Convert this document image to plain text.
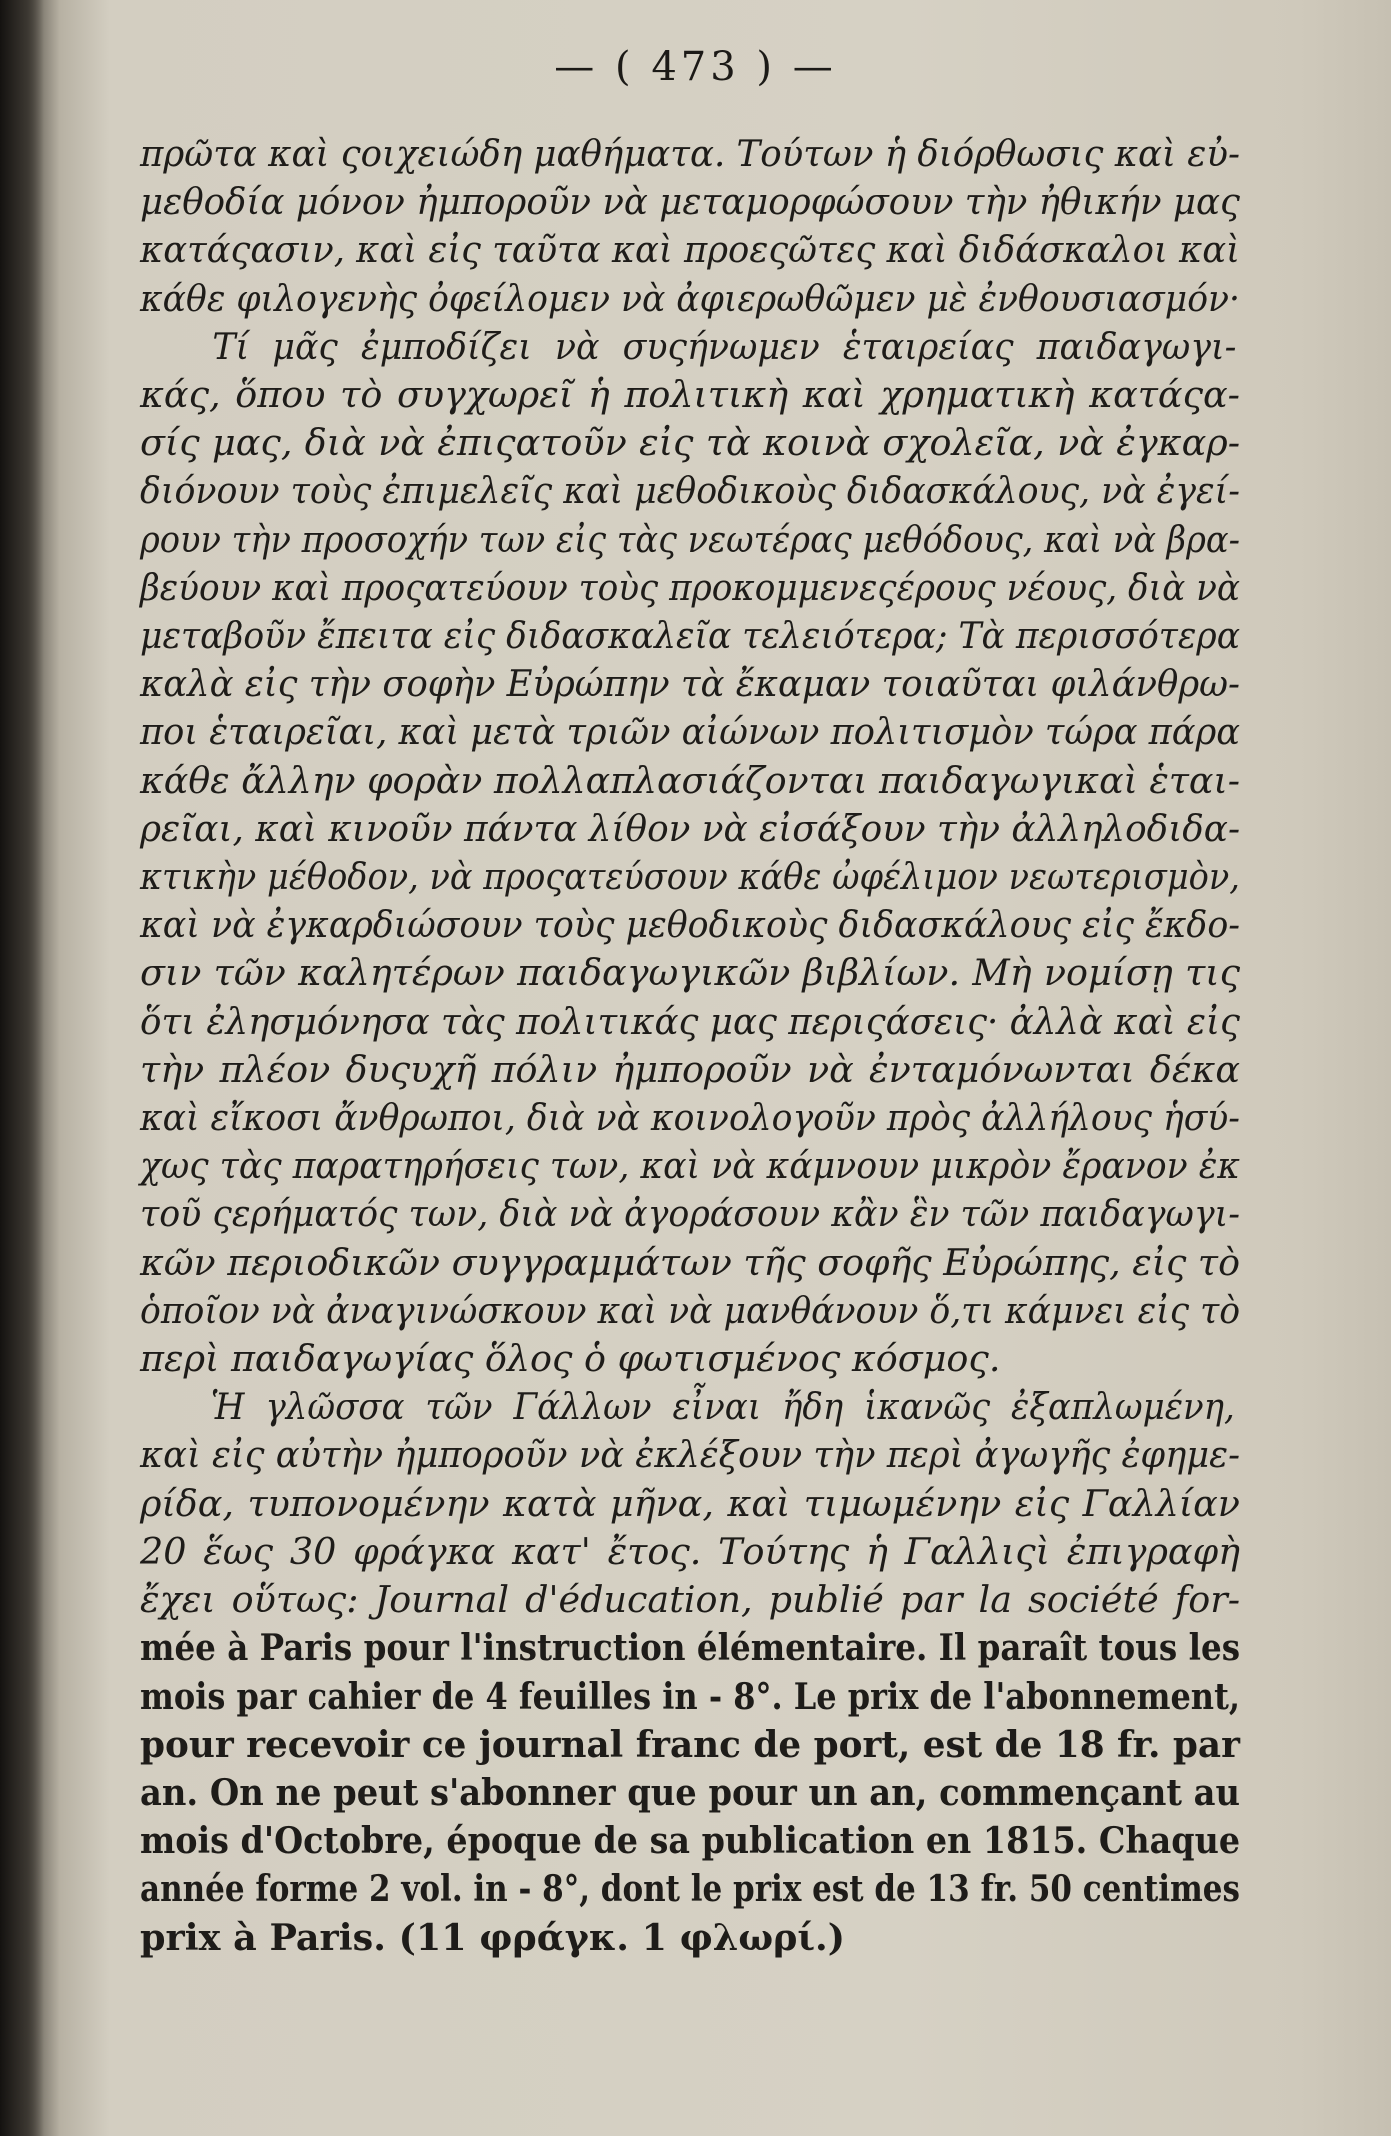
— ( 473 ) —
πρῶτα καὶ ςοιχειώδη μαθήματα. Τούτων ἡ διόρθωσις καὶ εὐ-
μεθοδία μόνον ἠμποροῦν νὰ μεταμορφώσουν τὴν ἠθικήν μας
κατάςασιν, καὶ εἰς ταῦτα καὶ προεςῶτες καὶ διδάσκαλοι καὶ
κάθε φιλογενὴς ὀφείλομεν νὰ ἀφιερωθῶμεν μὲ ἐνθουσιασμόν·
Τί μᾶς ἐμποδίζει νὰ συςήνωμεν ἑταιρείας παιδαγωγι-
κάς, ὅπου τὸ συγχωρεῖ ἡ πολιτικὴ καὶ χρηματικὴ κατάςα-
σίς μας, διὰ νὰ ἐπιςατοῦν εἰς τὰ κοινὰ σχολεῖα, νὰ ἐγκαρ-
διόνουν τοὺς ἐπιμελεῖς καὶ μεθοδικοὺς διδασκάλους, νὰ ἐγεί-
ρουν τὴν προσοχήν των εἰς τὰς νεωτέρας μεθόδους, καὶ νὰ βρα-
βεύουν καὶ προςατεύουν τοὺς προκομμενεςέρους νέους, διὰ νὰ
μεταβοῦν ἔπειτα εἰς διδασκαλεῖα τελειότερα; Τὰ περισσότερα
καλὰ εἰς τὴν σοφὴν Εὐρώπην τὰ ἔκαμαν τοιαῦται φιλάνθρω-
ποι ἑταιρεῖαι, καὶ μετὰ τριῶν αἰώνων πολιτισμὸν τώρα πάρα
κάθε ἄλλην φορὰν πολλαπλασιάζονται παιδαγωγικαὶ ἑται-
ρεῖαι, καὶ κινοῦν πάντα λίθον νὰ εἰσάξουν τὴν ἀλληλοδιδα-
κτικὴν μέθοδον, νὰ προςατεύσουν κάθε ὠφέλιμον νεωτερισμὸν,
καὶ νὰ ἐγκαρδιώσουν τοὺς μεθοδικοὺς διδασκάλους εἰς ἔκδο-
σιν τῶν καλητέρων παιδαγωγικῶν βιβλίων. Μὴ νομίσῃ τις
ὅτι ἐλησμόνησα τὰς πολιτικάς μας περιςάσεις· ἀλλὰ καὶ εἰς
τὴν πλέον δυςυχῆ πόλιν ἠμποροῦν νὰ ἐνταμόνωνται δέκα
καὶ εἴκοσι ἄνθρωποι, διὰ νὰ κοινολογοῦν πρὸς ἀλλήλους ἡσύ-
χως τὰς παρατηρήσεις των, καὶ νὰ κάμνουν μικρὸν ἔρανον ἐκ
τοῦ ςερήματός των, διὰ νὰ ἀγοράσουν κἂν ἓν τῶν παιδαγωγι-
κῶν περιοδικῶν συγγραμμάτων τῆς σοφῆς Εὐρώπης, εἰς τὸ
ὁποῖον νὰ ἀναγινώσκουν καὶ νὰ μανθάνουν ὅ,τι κάμνει εἰς τὸ
περὶ παιδαγωγίας ὅλος ὁ φωτισμένος κόσμος.
Ἡ γλῶσσα τῶν Γάλλων εἶναι ἤδη ἱκανῶς ἐξαπλωμένη,
καὶ εἰς αὐτὴν ἠμποροῦν νὰ ἐκλέξουν τὴν περὶ ἀγωγῆς ἐφημε-
ρίδα, τυπονομένην κατὰ μῆνα, καὶ τιμωμένην εἰς Γαλλίαν
20 ἕως 30 φράγκα κατ' ἔτος. Τούτης ἡ Γαλλιςὶ ἐπιγραφὴ
ἔχει οὕτως: Journal d'éducation, publié par la société for-
mée à Paris pour l'instruction élémentaire. Il paraît tous les
mois par cahier de 4 feuilles in - 8°. Le prix de l'abonnement,
pour recevoir ce journal franc de port, est de 18 fr. par
an. On ne peut s'abonner que pour un an, commençant au
mois d'Octobre, époque de sa publication en 1815. Chaque
année forme 2 vol. in - 8°, dont le prix est de 13 fr. 50 centimes
prix à Paris. (11 φράγκ. 1 φλωρί.)
